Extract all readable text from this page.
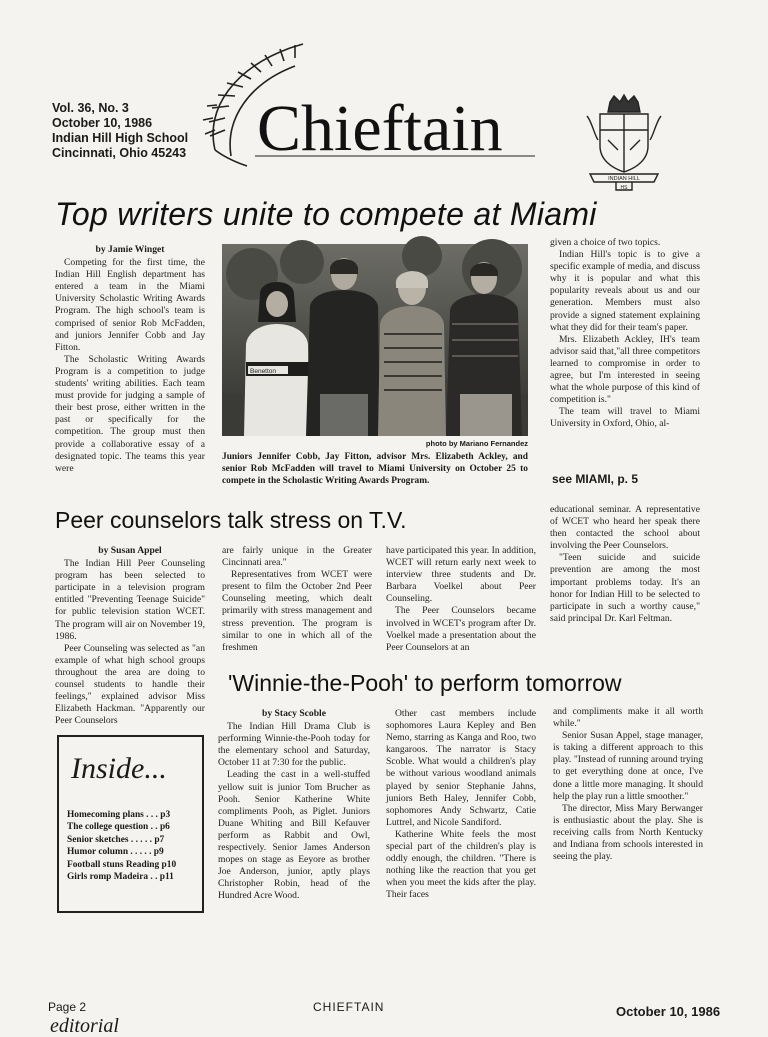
Vol. 36, No. 3
October 10, 1986
Indian Hill High School
Cincinnati, Ohio 45243 Chieftain
INDIAN HILL
HS
Top writers unite to compete at Miami

by Jamie Winget

Competing for the first time, the Indian Hill English department has entered a team in the Miami University Scholastic Writing Awards Program. The high school's team is comprised of senior Rob McFadden, and juniors Jennifer Cobb and Jay Fitton.

The Scholastic Writing Awards Program is a competition to judge students' writing abilities. Each team must provide for judging a sample of their best prose, either written in the past or specifically for the competition. The group must then provide a collaborative essay of a designated topic. The teams this year were

Benetton
photo by Mariano Fernandez
Juniors Jennifer Cobb, Jay Fitton, advisor Mrs. Elizabeth Ackley, and senior Rob McFadden will travel to Miami University on October 25 to compete in the Scholastic Writing Awards Program.

given a choice of two topics.

Indian Hill's topic is to give a specific example of media, and discuss why it is popular and what this popularity reveals about us and our generation. Members must also provide a signed statement explaining what they did for their team's paper.

Mrs. Elizabeth Ackley, IH's team advisor said that,"all three competitors learned to compromise in order to agree, but I'm interested in seeing what the whole purpose of this kind of competition is."

The team will travel to Miami University in Oxford, Ohio, al-

see MIAMI, p. 5
Peer counselors talk stress on T.V.

by Susan Appel

The Indian Hill Peer Counseling program has been selected to participate in a television program entitled "Preventing Teenage Suicide" for public television station WCET. The program will air on November 19, 1986.

Peer Counseling was selected as "an example of what high school groups throughout the area are doing to counsel students to handle their feelings," explained advisor Miss Elizabeth Hackman. "Apparently our Peer Counselors

are fairly unique in the Greater Cincinnati area."

Representatives from WCET were present to film the October 2nd Peer Counseling meeting, which dealt primarily with stress management and stress prevention. The program is similar to one in which all of the freshmen

have participated this year. In addition, WCET will return early next week to interview three students and Dr. Barbara Voelkel about Peer Counseling.

The Peer Counselors became involved in WCET's program after Dr. Voelkel made a presentation about the Peer Counselors at an

educational seminar. A representative of WCET who heard her speak there then contacted the school about involving the Peer Counselors.

"Teen suicide and suicide prevention are among the most important problems today. It's an honor for Indian Hill to be selected to participate in such a worthy cause," said principal Dr. Karl Feltman.

Inside...
Homecoming plans . . . p3
The college question . . p6
Senior sketches . . . . . p7
Humor column . . . . . p9
Football stuns Reading p10
Girls romp Madeira . . p11
'Winnie-the-Pooh' to perform tomorrow

by Stacy Scoble

The Indian Hill Drama Club is performing Winnie-the-Pooh today for the elementary school and Saturday, October 11 at 7:30 for the public.

Leading the cast in a well-stuffed yellow suit is junior Tom Brucher as Pooh. Senior Katherine White compliments Pooh, as Piglet. Juniors Duane Whiting and Bill Kefauver perform as Rabbit and Owl, respectively. Senior James Anderson mopes on stage as Eeyore as brother Joe Anderson, junior, aptly plays Christopher Robin, head of the Hundred Acre Wood.

Other cast members include sophomores Laura Kepley and Ben Nemo, starring as Kanga and Roo, two kangaroos. The narrator is Stacy Scoble. What would a children's play be without various woodland animals played by senior Stephanie Jahns, juniors Beth Haley, Jennifer Cobb, sophomores Andy Schwartz, Catie Luttrel, and Nicole Sandiford.

Katherine White feels the most special part of the children's play is oddly enough, the children. "There is nothing like the reaction that you get when you meet the kids after the play. Their faces

and compliments make it all worth while."

Senior Susan Appel, stage manager, is taking a different approach to this play. "Instead of running around trying to get everything done at once, I've done a little more managing. It should help the play run a little smoother."

The director, Miss Mary Berwanger is enthusiastic about the play. She is receiving calls from North Kentucky and Indiana from schools interested in seeing the play.

Page 2	CHIEFTAIN	October 10, 1986
editorial
